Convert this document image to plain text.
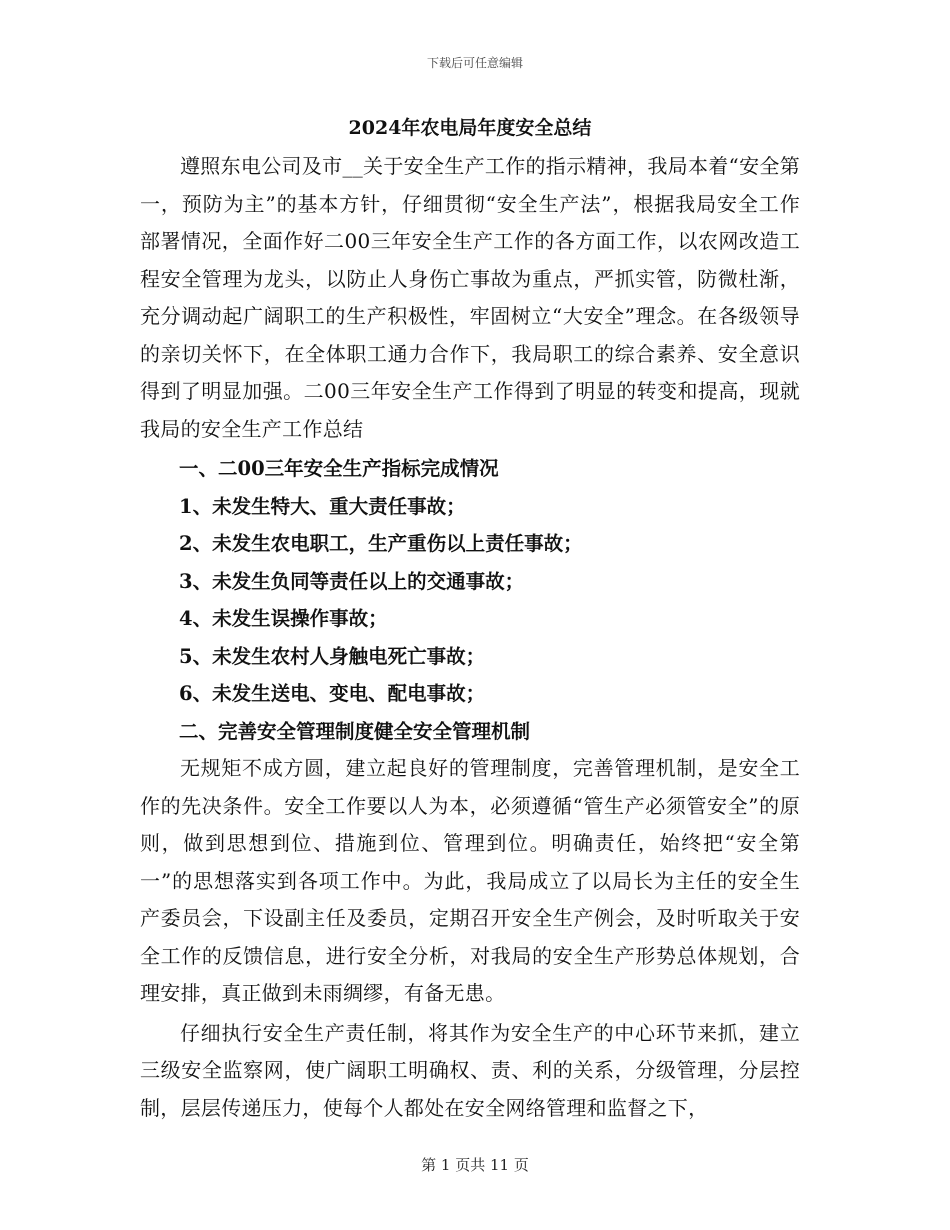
下载后可任意编辑
2024年农电局年度安全总结

遵照东电公司及市__关于安全生产工作的指示精神，我局本着“安全第一，预防为主”的基本方针，仔细贯彻“安全生产法”，根据我局安全工作部署情况，全面作好二00三年安全生产工作的各方面工作，以农网改造工程安全管理为龙头，以防止人身伤亡事故为重点，严抓实管，防微杜渐，充分调动起广阔职工的生产积极性，牢固树立“大安全”理念。在各级领导的亲切关怀下，在全体职工通力合作下，我局职工的综合素养、安全意识得到了明显加强。二00三年安全生产工作得到了明显的转变和提高，现就我局的安全生产工作总结

一、二00三年安全生产指标完成情况

1、未发生特大、重大责任事故；

2、未发生农电职工，生产重伤以上责任事故；

3、未发生负同等责任以上的交通事故；

4、未发生误操作事故；

5、未发生农村人身触电死亡事故；

6、未发生送电、变电、配电事故；

二、完善安全管理制度健全安全管理机制

无规矩不成方圆，建立起良好的管理制度，完善管理机制，是安全工作的先决条件。安全工作要以人为本，必须遵循“管生产必须管安全”的原则，做到思想到位、措施到位、管理到位。明确责任，始终把“安全第一”的思想落实到各项工作中。为此，我局成立了以局长为主任的安全生产委员会，下设副主任及委员，定期召开安全生产例会，及时听取关于安全工作的反馈信息，进行安全分析，对我局的安全生产形势总体规划，合理安排，真正做到未雨绸缪，有备无患。

仔细执行安全生产责任制，将其作为安全生产的中心环节来抓，建立三级安全监察网，使广阔职工明确权、责、利的关系，分级管理，分层控制，层层传递压力，使每个人都处在安全网络管理和监督之下，

第 1 页共 11 页
